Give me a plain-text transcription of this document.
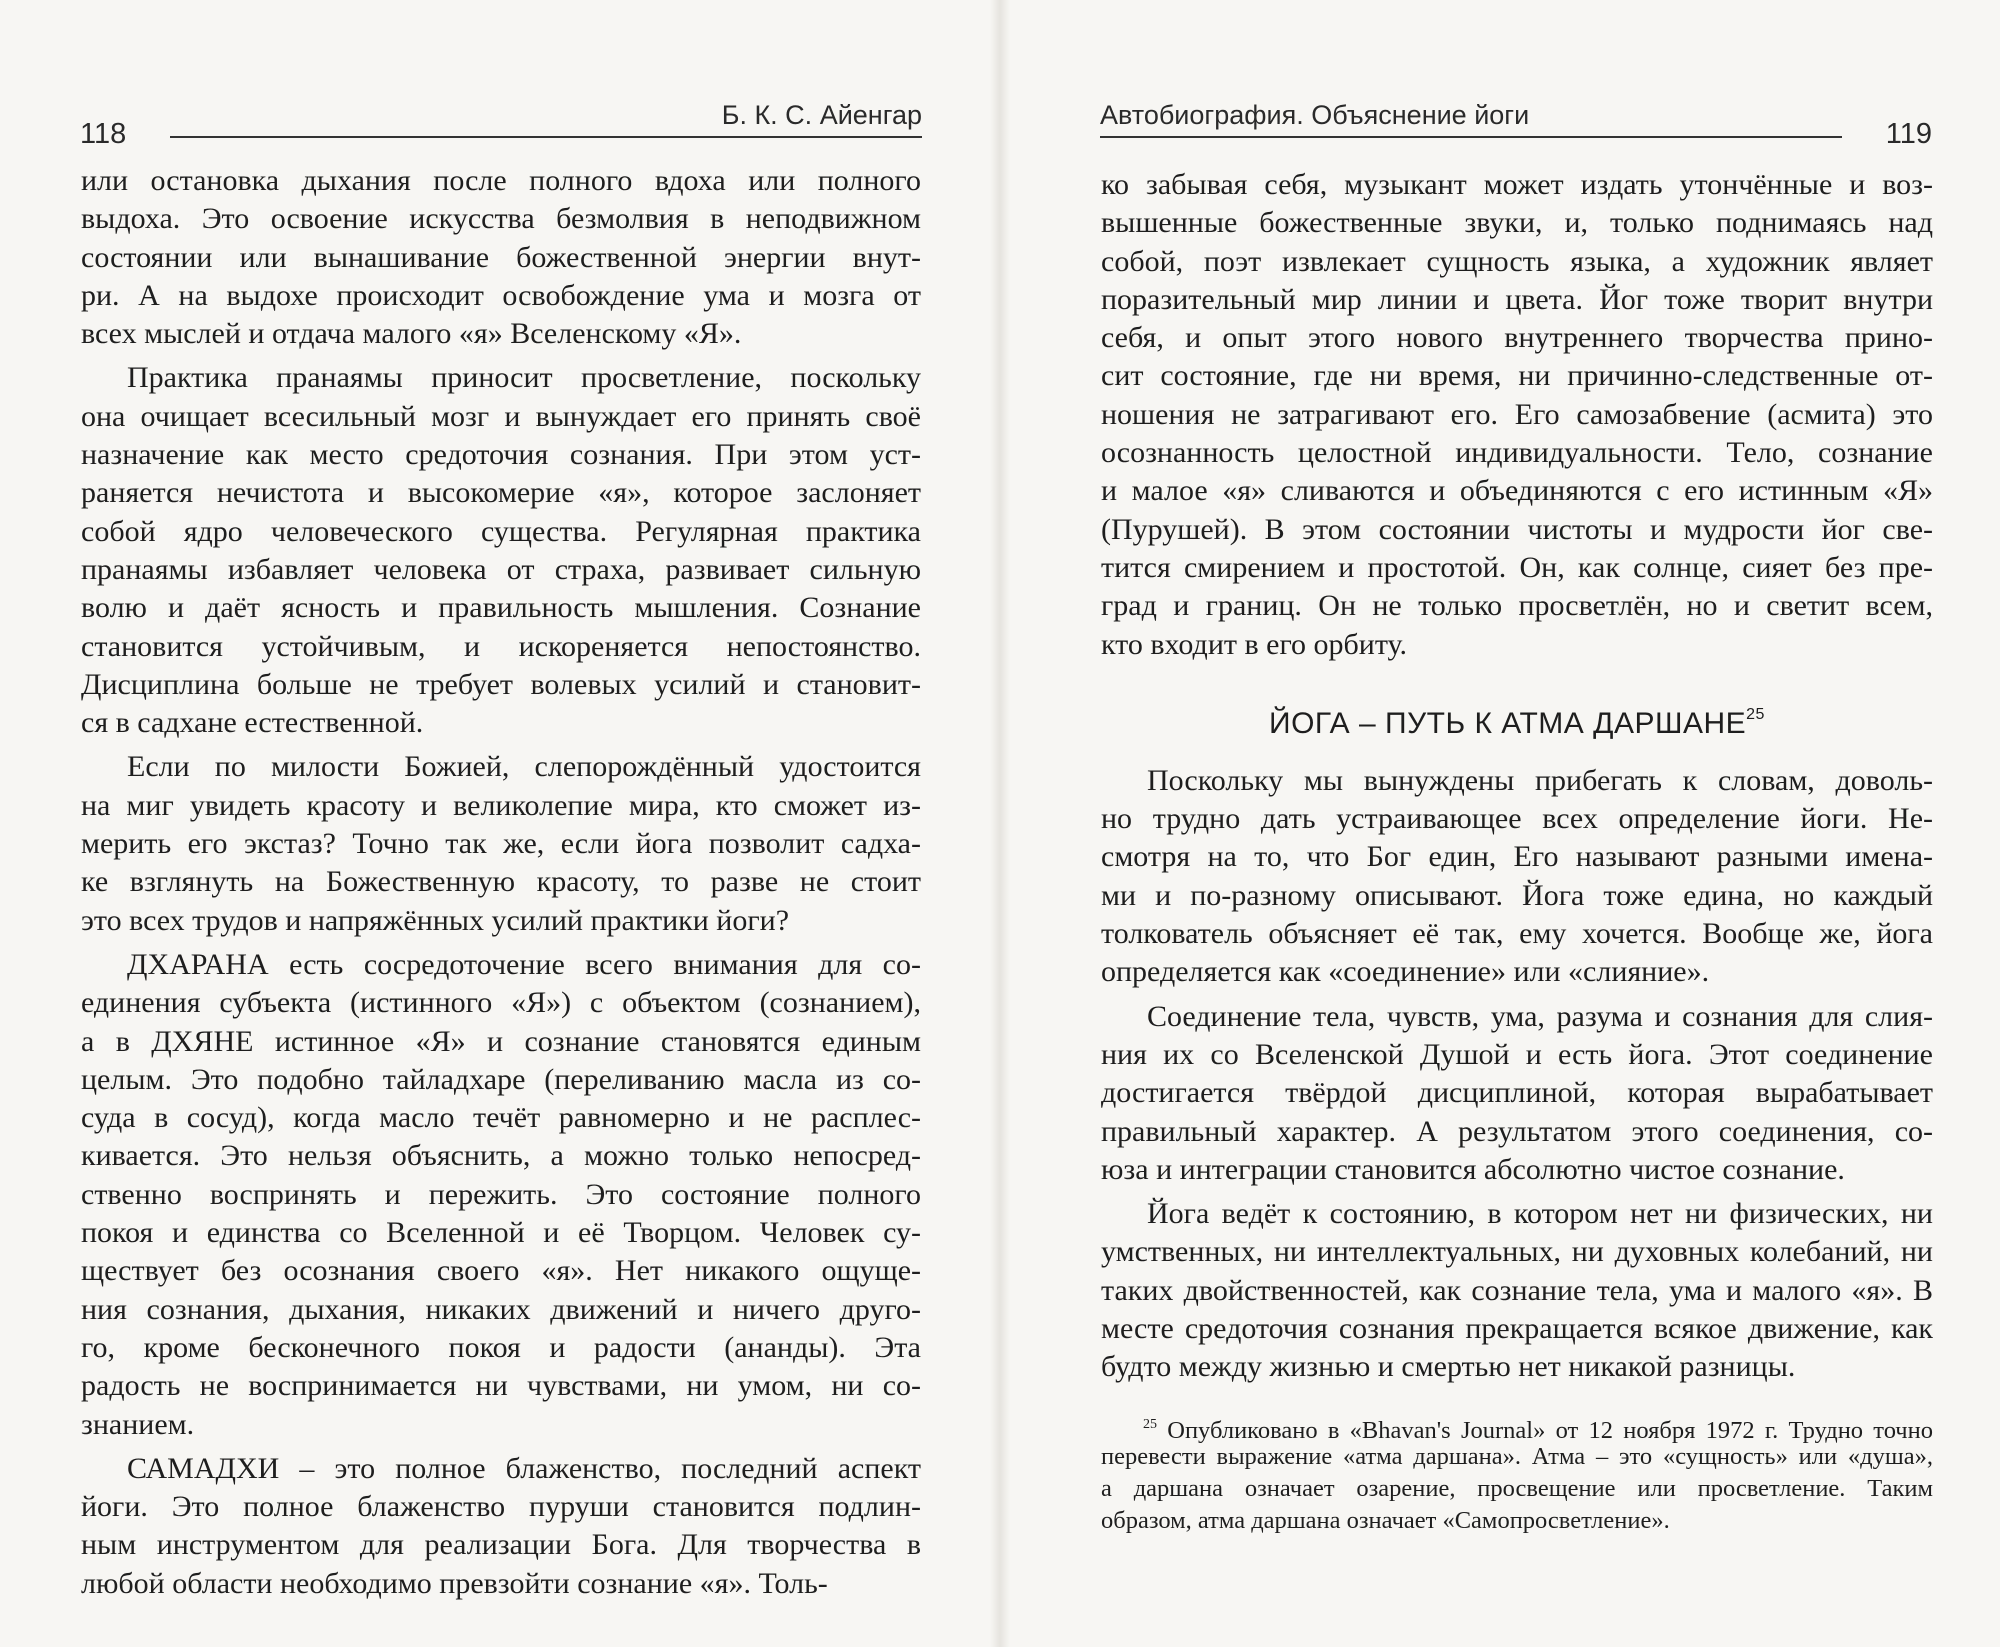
118
Б. К. С. Айенгар
или остановка дыхания после полного вдоха или полного
выдоха. Это освоение искусства безмолвия в неподвижном
состоянии или вынашивание божественной энергии внут-
ри. А на выдохе происходит освобождение ума и мозга от
всех мыслей и отдача малого «я» Вселенскому «Я».
Практика пранаямы приносит просветление, поскольку
она очищает всесильный мозг и вынуждает его принять своё
назначение как место средоточия сознания. При этом уст-
раняется нечистота и высокомерие «я», которое заслоняет
собой ядро человеческого существа. Регулярная практика
пранаямы избавляет человека от страха, развивает сильную
волю и даёт ясность и правильность мышления. Сознание
становится устойчивым, и искореняется непостоянство.
Дисциплина больше не требует волевых усилий и становит-
ся в садхане естественной.
Если по милости Божией, слепорождённый удостоится
на миг увидеть красоту и великолепие мира, кто сможет из-
мерить его экстаз? Точно так же, если йога позволит садха-
ке взглянуть на Божественную красоту, то разве не стоит
это всех трудов и напряжённых усилий практики йоги?
ДХАРАНА есть сосредоточение всего внимания для со-
единения субъекта (истинного «Я») с объектом (сознанием),
а в ДХЯНЕ истинное «Я» и сознание становятся единым
целым. Это подобно тайладхаре (переливанию масла из со-
суда в сосуд), когда масло течёт равномерно и не расплес-
кивается. Это нельзя объяснить, а можно только непосред-
ственно воспринять и пережить. Это состояние полного
покоя и единства со Вселенной и её Творцом. Человек су-
ществует без осознания своего «я». Нет никакого ощуще-
ния сознания, дыхания, никаких движений и ничего друго-
го, кроме бесконечного покоя и радости (ананды). Эта
радость не воспринимается ни чувствами, ни умом, ни со-
знанием.
САМАДХИ – это полное блаженство, последний аспект
йоги. Это полное блаженство пуруши становится подлин-
ным инструментом для реализации Бога. Для творчества в
любой области необходимо превзойти сознание «я». Толь-
Автобиография. Объяснение йоги
119
ко забывая себя, музыкант может издать утончённые и воз-
вышенные божественные звуки, и, только поднимаясь над
собой, поэт извлекает сущность языка, а художник являет
поразительный мир линии и цвета. Йог тоже творит внутри
себя, и опыт этого нового внутреннего творчества прино-
сит состояние, где ни время, ни причинно-следственные от-
ношения не затрагивают его. Его самозабвение (асмита) это
осознанность целостной индивидуальности. Тело, сознание
и малое «я» сливаются и объединяются с его истинным «Я»
(Пурушей). В этом состоянии чистоты и мудрости йог све-
тится смирением и простотой. Он, как солнце, сияет без пре-
град и границ. Он не только просветлён, но и светит всем,
кто входит в его орбиту.
ЙОГА – ПУТЬ К АТМА ДАРШАНЕ$^{25}$
Поскольку мы вынуждены прибегать к словам, доволь-
но трудно дать устраивающее всех определение йоги. Не-
смотря на то, что Бог един, Его называют разными имена-
ми и по-разному описывают. Йога тоже едина, но каждый
толкователь объясняет её так, ему хочется. Вообще же, йога
определяется как «соединение» или «слияние».
Соединение тела, чувств, ума, разума и сознания для слия-
ния их со Вселенской Душой и есть йога. Этот соединение
достигается твёрдой дисциплиной, которая вырабатывает
правильный характер. А результатом этого соединения, со-
юза и интеграции становится абсолютно чистое сознание.
Йога ведёт к состоянию, в котором нет ни физических, ни
умственных, ни интеллектуальных, ни духовных колебаний, ни
таких двойственностей, как сознание тела, ума и малого «я». В
месте средоточия сознания прекращается всякое движение, как
будто между жизнью и смертью нет никакой разницы.
$^{25}$ Опубликовано в «Bhavan's Journal» от 12 ноября 1972 г. Трудно точно
перевести выражение «атма даршана». Атма – это «сущность» или «душа»,
а даршана означает озарение, просвещение или просветление. Таким
образом, атма даршана означает «Самопросветление».
